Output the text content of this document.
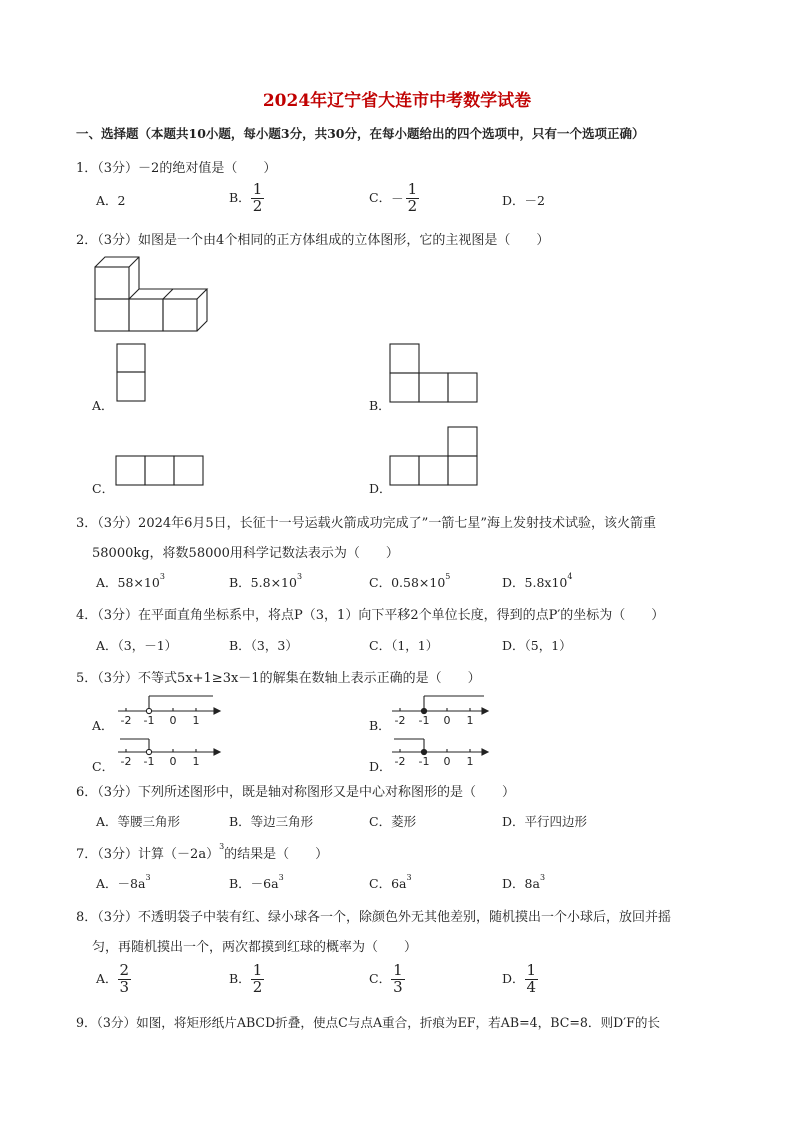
2024年辽宁省大连市中考数学试卷
一、选择题（本题共10小题，每小题3分，共30分，在每小题给出的四个选项中，只有一个选项正确）
1．（3分）－2的绝对值是（　　）
A．2	B． $\frac{1}{2}$	C．－ $\frac{1}{2}$	D．－2
2．（3分）如图是一个由4个相同的正方体组成的立体图形，它的主视图是（　　）
A．	B．
C．	D．
3．（3分）2024年6月5日，长征十一号运载火箭成功完成了”一箭七星”海上发射技术试验，该火箭重
58000kg，将数58000用科学记数法表示为（　　）
A．$58\times 10^3$	B．$5.8\times 10^3$	C．$0.58\times 10^5$	D．$5.8x10^4$
4．（3分）在平面直角坐标系中，将点P（3，1）向下平移2个单位长度，得到的点P′的坐标为（　　）
A．（3，－1）	B．（3，3）	C．（1，1）	D．（5，1）
5．（3分）不等式5x+1≥3x－1的解集在数轴上表示正确的是（　　）
A． -2 -1 0 1	B． -2 -1 0 1
C． -2 -1 0 1	D． -2 -1 0 1
6．（3分）下列所述图形中，既是轴对称图形又是中心对称图形的是（　　）
A．等腰三角形	B．等边三角形	C．菱形	D．平行四边形
7．（3分）计算$(-2a)^3$的结果是（　　）
A．$-8a^3$	B．$-6a^3$	C．$6a^3$	D．$8a^3$
8．（3分）不透明袋子中装有红、绿小球各一个，除颜色外无其他差别，随机摸出一个小球后，放回并摇
匀，再随机摸出一个，两次都摸到红球的概率为（　　）
A． $\frac{2}{3}$	B． $\frac{1}{2}$	C． $\frac{1}{3}$	D． $\frac{1}{4}$
9．（3分）如图，将矩形纸片ABCD折叠，使点C与点A重合，折痕为EF，若AB=4，BC=8．则D′F的长
